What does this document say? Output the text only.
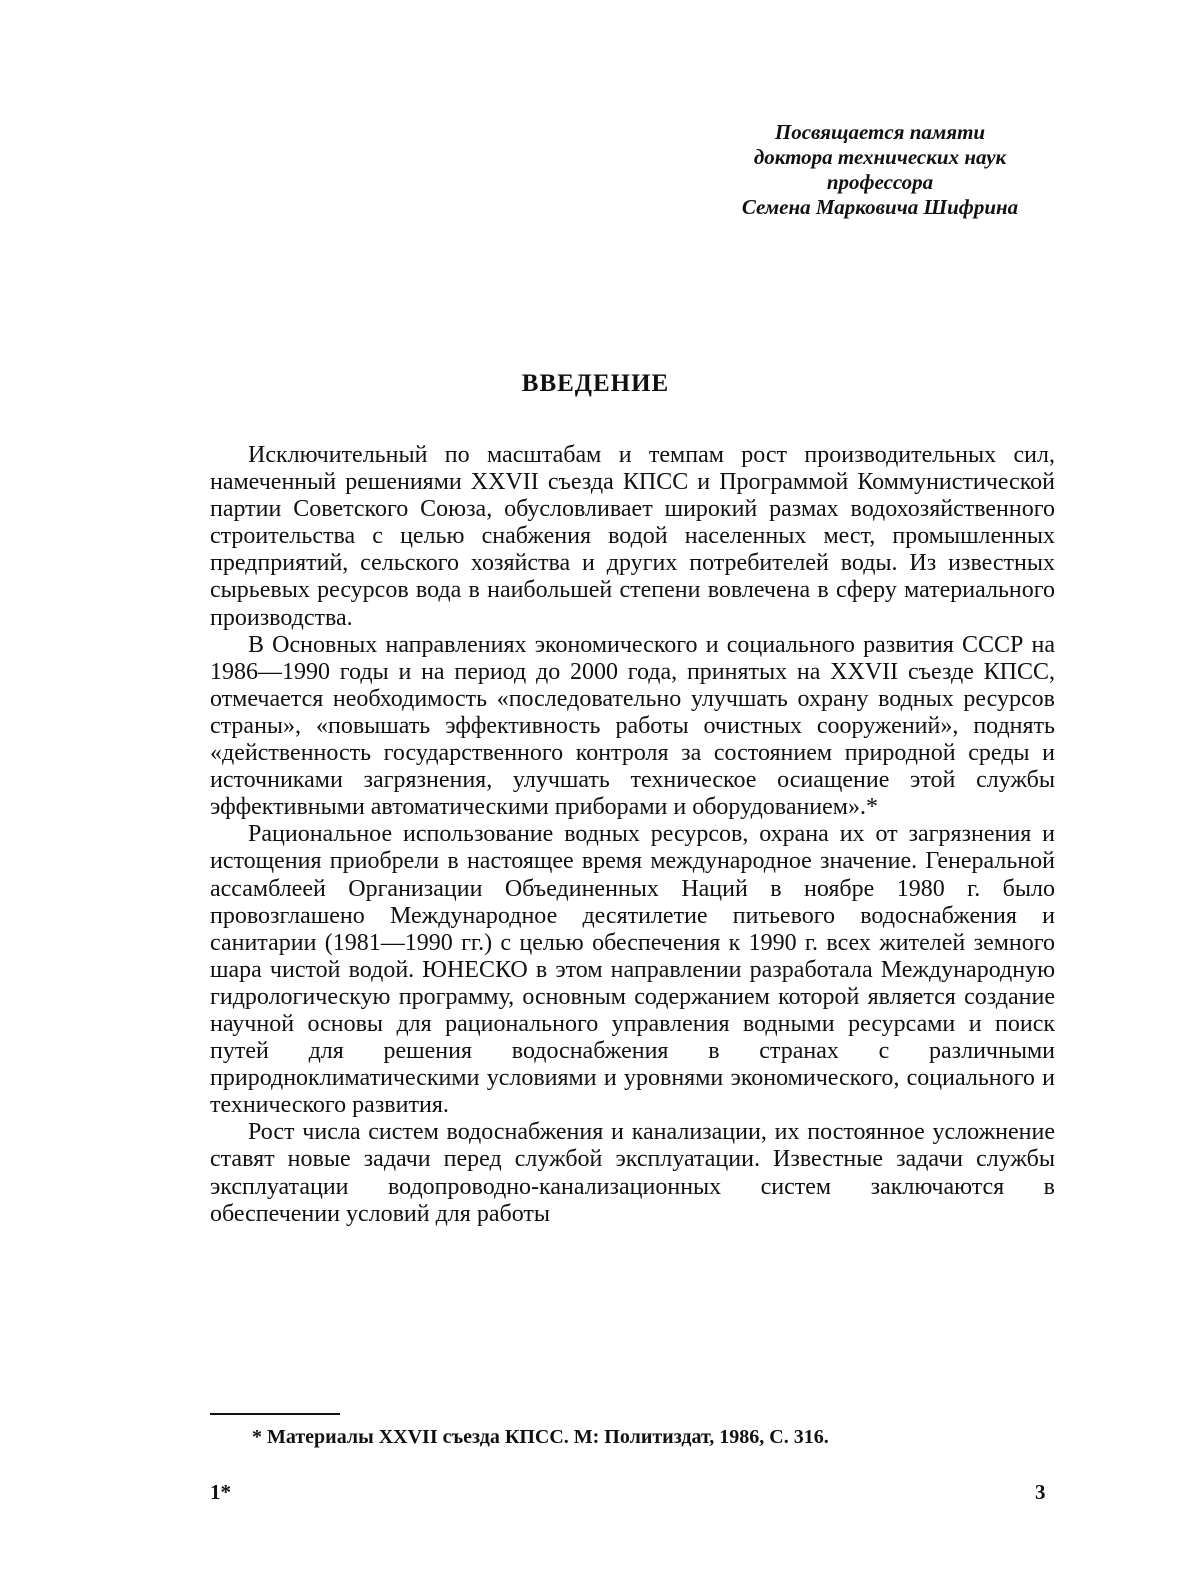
Посвящается памяти
доктора технических наук
профессора
Семена Марковича Шифрина
ВВЕДЕНИЕ

Исключительный по масштабам и темпам рост производительных сил, намеченный решениями XXVII съезда КПСС и Программой Коммунистической партии Советского Союза, обусловливает широкий размах водохозяйственного строительства с целью снабжения водой населенных мест, промышленных предприятий, сельского хозяйства и других потребителей воды. Из известных сырьевых ресурсов вода в наибольшей степени вовлечена в сферу материального производства.

В Основных направлениях экономического и социального развития СССР на 1986—1990 годы и на период до 2000 года, принятых на XXVII съезде КПСС, отмечается необходимость «последовательно улучшать охрану водных ресурсов страны», «повышать эффективность работы очистных сооружений», поднять «действенность государственного контроля за состоянием природной среды и источниками загрязнения, улучшать техническое осиащение этой службы эффективными автоматическими приборами и оборудованием».*

Рациональное использование водных ресурсов, охрана их от загрязнения и истощения приобрели в настоящее время международное значение. Генеральной ассамблеей Организации Объединенных Наций в ноябре 1980 г. было провозглашено Международное десятилетие питьевого водоснабжения и санитарии (1981—1990 гг.) с целью обеспечения к 1990 г. всех жителей земного шара чистой водой. ЮНЕСКО в этом направлении разработала Международную гидрологическую программу, основным содержанием которой является создание научной основы для рационального управления водными ресурсами и поиск путей для решения водоснабжения в странах с различными природноклиматическими условиями и уровнями экономического, социального и технического развития.

Рост числа систем водоснабжения и канализации, их постоянное усложнение ставят новые задачи перед службой эксплуатации. Известные задачи службы эксплуатации водопроводно-канализационных систем заключаются в обеспечении условий для работы

* Материалы XXVII съезда КПСС. М: Политиздат, 1986, С. 316.
1*	3
